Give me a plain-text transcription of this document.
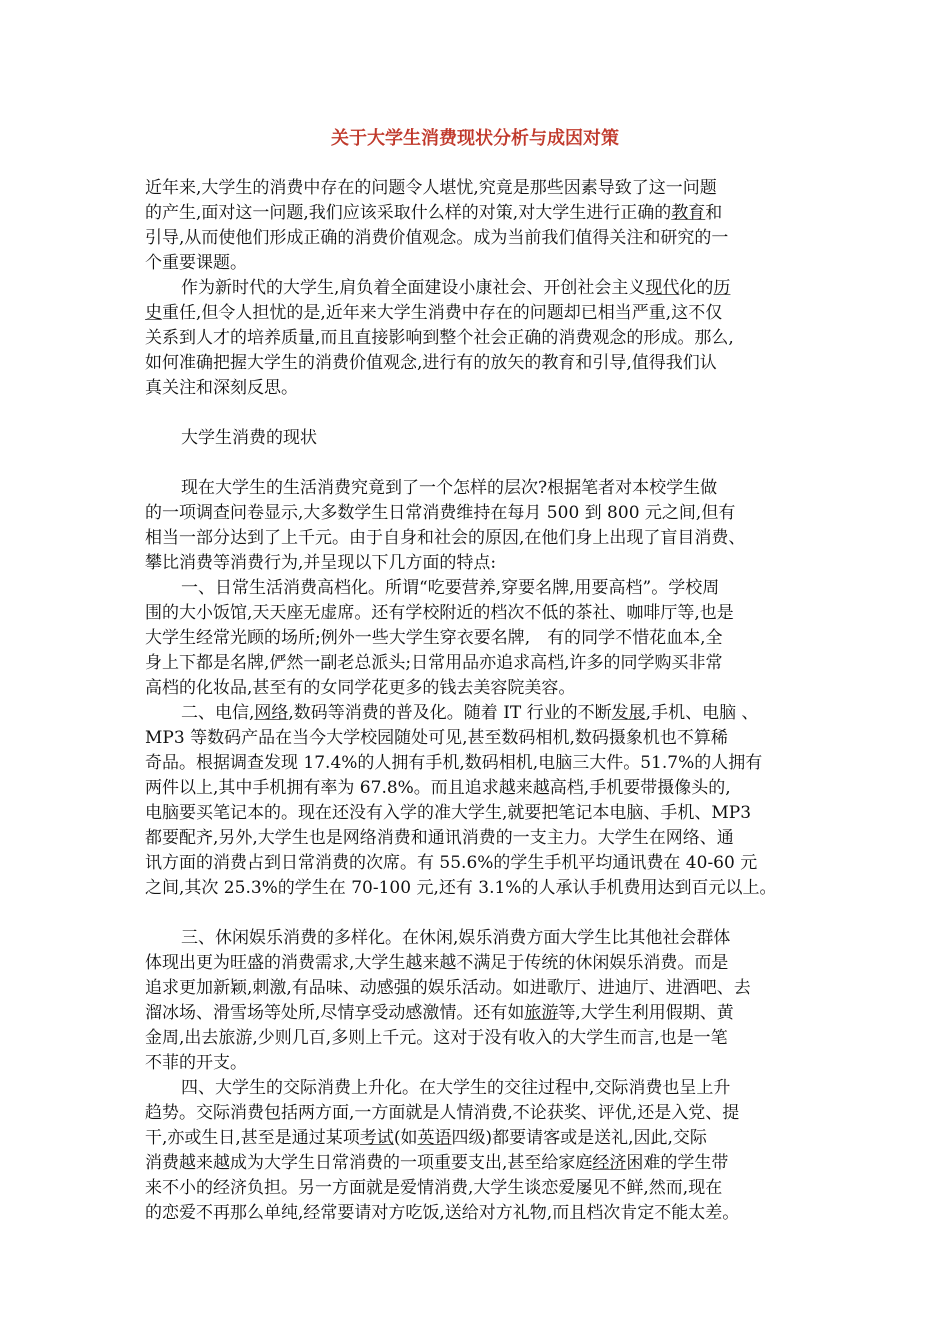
关于大学生消费现状分析与成因对策
近年来,大学生的消费中存在的问题令人堪忧,究竟是那些因素导致了这一问题
的产生,面对这一问题,我们应该采取什么样的对策,对大学生进行正确的教育和
引导,从而使他们形成正确的消费价值观念。成为当前我们值得关注和研究的一
个重要课题。
作为新时代的大学生,肩负着全面建设小康社会、开创社会主义现代化的历
史重任,但令人担忧的是,近年来大学生消费中存在的问题却已相当严重,这不仅
关系到人才的培养质量,而且直接影响到整个社会正确的消费观念的形成。那么,
如何准确把握大学生的消费价值观念,进行有的放矢的教育和引导,值得我们认
真关注和深刻反思。
大学生消费的现状
现在大学生的生活消费究竟到了一个怎样的层次?根据笔者对本校学生做
的一项调查问卷显示,大多数学生日常消费维持在每月 500 到 800 元之间,但有
相当一部分达到了上千元。由于自身和社会的原因,在他们身上出现了盲目消费、
攀比消费等消费行为,并呈现以下几方面的特点:
一、日常生活消费高档化。所谓“吃要营养,穿要名牌,用要高档”。学校周
围的大小饭馆,天天座无虚席。还有学校附近的档次不低的茶社、咖啡厅等,也是
大学生经常光顾的场所;例外一些大学生穿衣要名牌,　有的同学不惜花血本,全
身上下都是名牌,俨然一副老总派头;日常用品亦追求高档,许多的同学购买非常
高档的化妆品,甚至有的女同学花更多的钱去美容院美容。
二、电信,网络,数码等消费的普及化。随着 IT 行业的不断发展,手机、电脑 、
MP3 等数码产品在当今大学校园随处可见,甚至数码相机,数码摄象机也不算稀
奇品。根据调查发现 17.4%的人拥有手机,数码相机,电脑三大件。51.7%的人拥有
两件以上,其中手机拥有率为 67.8%。而且追求越来越高档,手机要带摄像头的,
电脑要买笔记本的。现在还没有入学的准大学生,就要把笔记本电脑、手机、MP3
都要配齐,另外,大学生也是网络消费和通讯消费的一支主力。大学生在网络、通
讯方面的消费占到日常消费的次席。有 55.6%的学生手机平均通讯费在 40-60 元
之间,其次 25.3%的学生在 70-100 元,还有 3.1%的人承认手机费用达到百元以上。
三、休闲娱乐消费的多样化。在休闲,娱乐消费方面大学生比其他社会群体
体现出更为旺盛的消费需求,大学生越来越不满足于传统的休闲娱乐消费。而是
追求更加新颖,刺激,有品味、动感强的娱乐活动。如进歌厅、进迪厅、进酒吧、去
溜冰场、滑雪场等处所,尽情享受动感激情。还有如旅游等,大学生利用假期、黄
金周,出去旅游,少则几百,多则上千元。这对于没有收入的大学生而言,也是一笔
不菲的开支。
四、大学生的交际消费上升化。在大学生的交往过程中,交际消费也呈上升
趋势。交际消费包括两方面,一方面就是人情消费,不论获奖、评优,还是入党、提
干,亦或生日,甚至是通过某项考试(如英语四级)都要请客或是送礼,因此,交际
消费越来越成为大学生日常消费的一项重要支出,甚至给家庭经济困难的学生带
来不小的经济负担。另一方面就是爱情消费,大学生谈恋爱屡见不鲜,然而,现在
的恋爱不再那么单纯,经常要请对方吃饭,送给对方礼物,而且档次肯定不能太差。
